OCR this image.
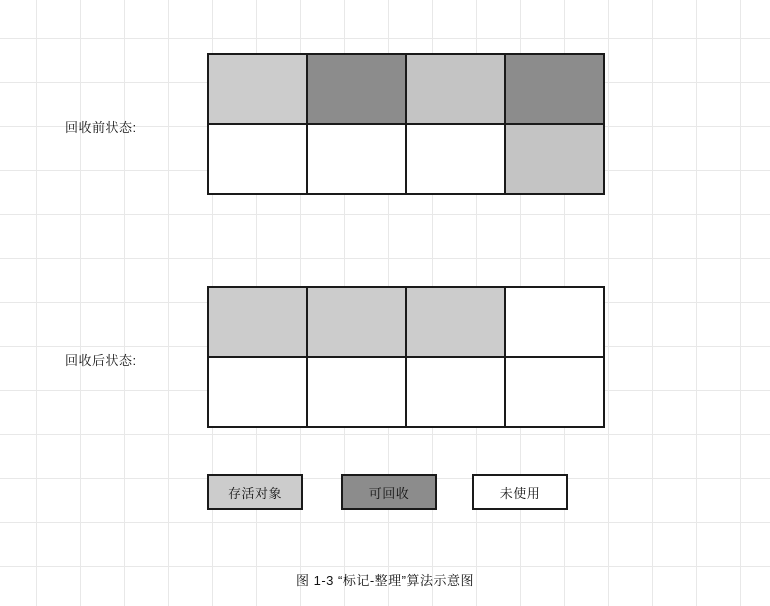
回收前状态:
回收后状态:
存活对象	可回收	未使用
图 1-3 “标记-整理”算法示意图
